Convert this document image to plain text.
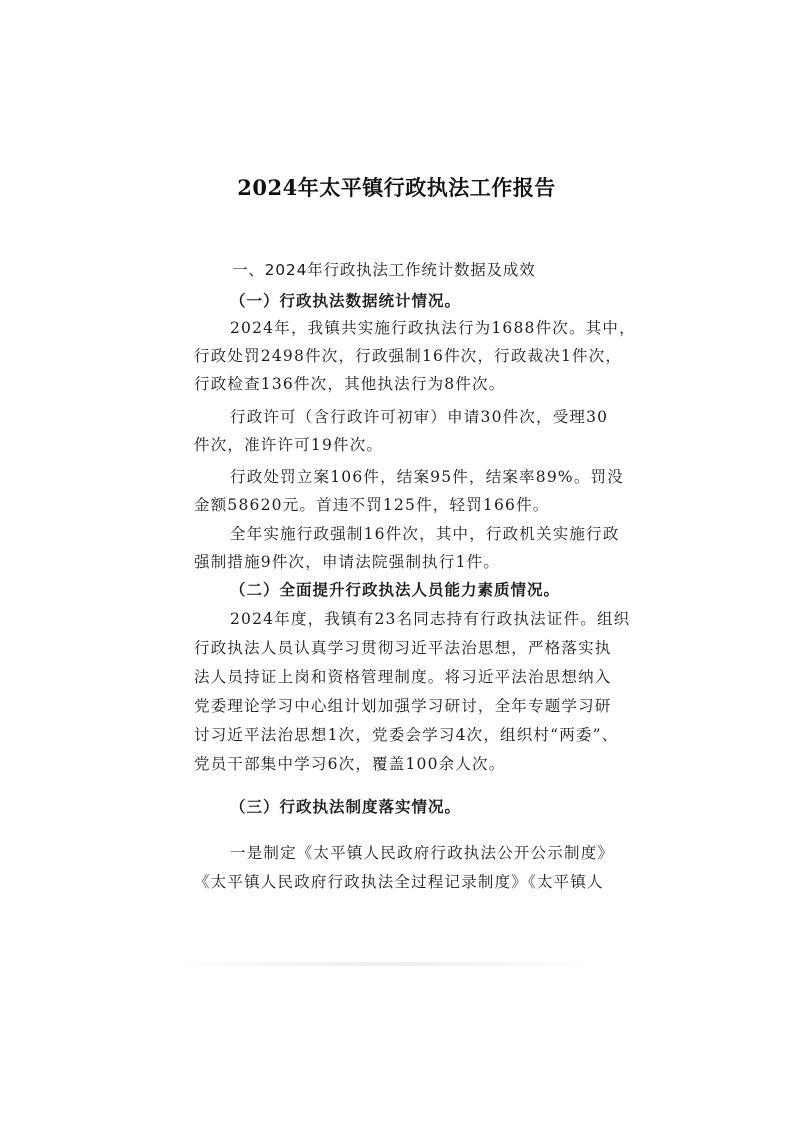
2024年太平镇行政执法工作报告
一、2024年行政执法工作统计数据及成效
（一）行政执法数据统计情况。
2024年，我镇共实施行政执法行为1688件次。其中，
行政处罚2498件次，行政强制16件次，行政裁决1件次，
行政检查136件次，其他执法行为8件次。
行政许可（含行政许可初审）申请30件次，受理30
件次，准许许可19件次。
行政处罚立案106件，结案95件，结案率89%。罚没
金额58620元。首违不罚125件，轻罚166件。
全年实施行政强制16件次，其中，行政机关实施行政
强制措施9件次，申请法院强制执行1件。
（二）全面提升行政执法人员能力素质情况。
2024年度，我镇有23名同志持有行政执法证件。组织
行政执法人员认真学习贯彻习近平法治思想，严格落实执
法人员持证上岗和资格管理制度。将习近平法治思想纳入
党委理论学习中心组计划加强学习研讨，全年专题学习研
讨习近平法治思想1次，党委会学习4次，组织村“两委”、
党员干部集中学习6次，覆盖100余人次。
（三）行政执法制度落实情况。
一是制定《太平镇人民政府行政执法公开公示制度》
《太平镇人民政府行政执法全过程记录制度》《太平镇人
